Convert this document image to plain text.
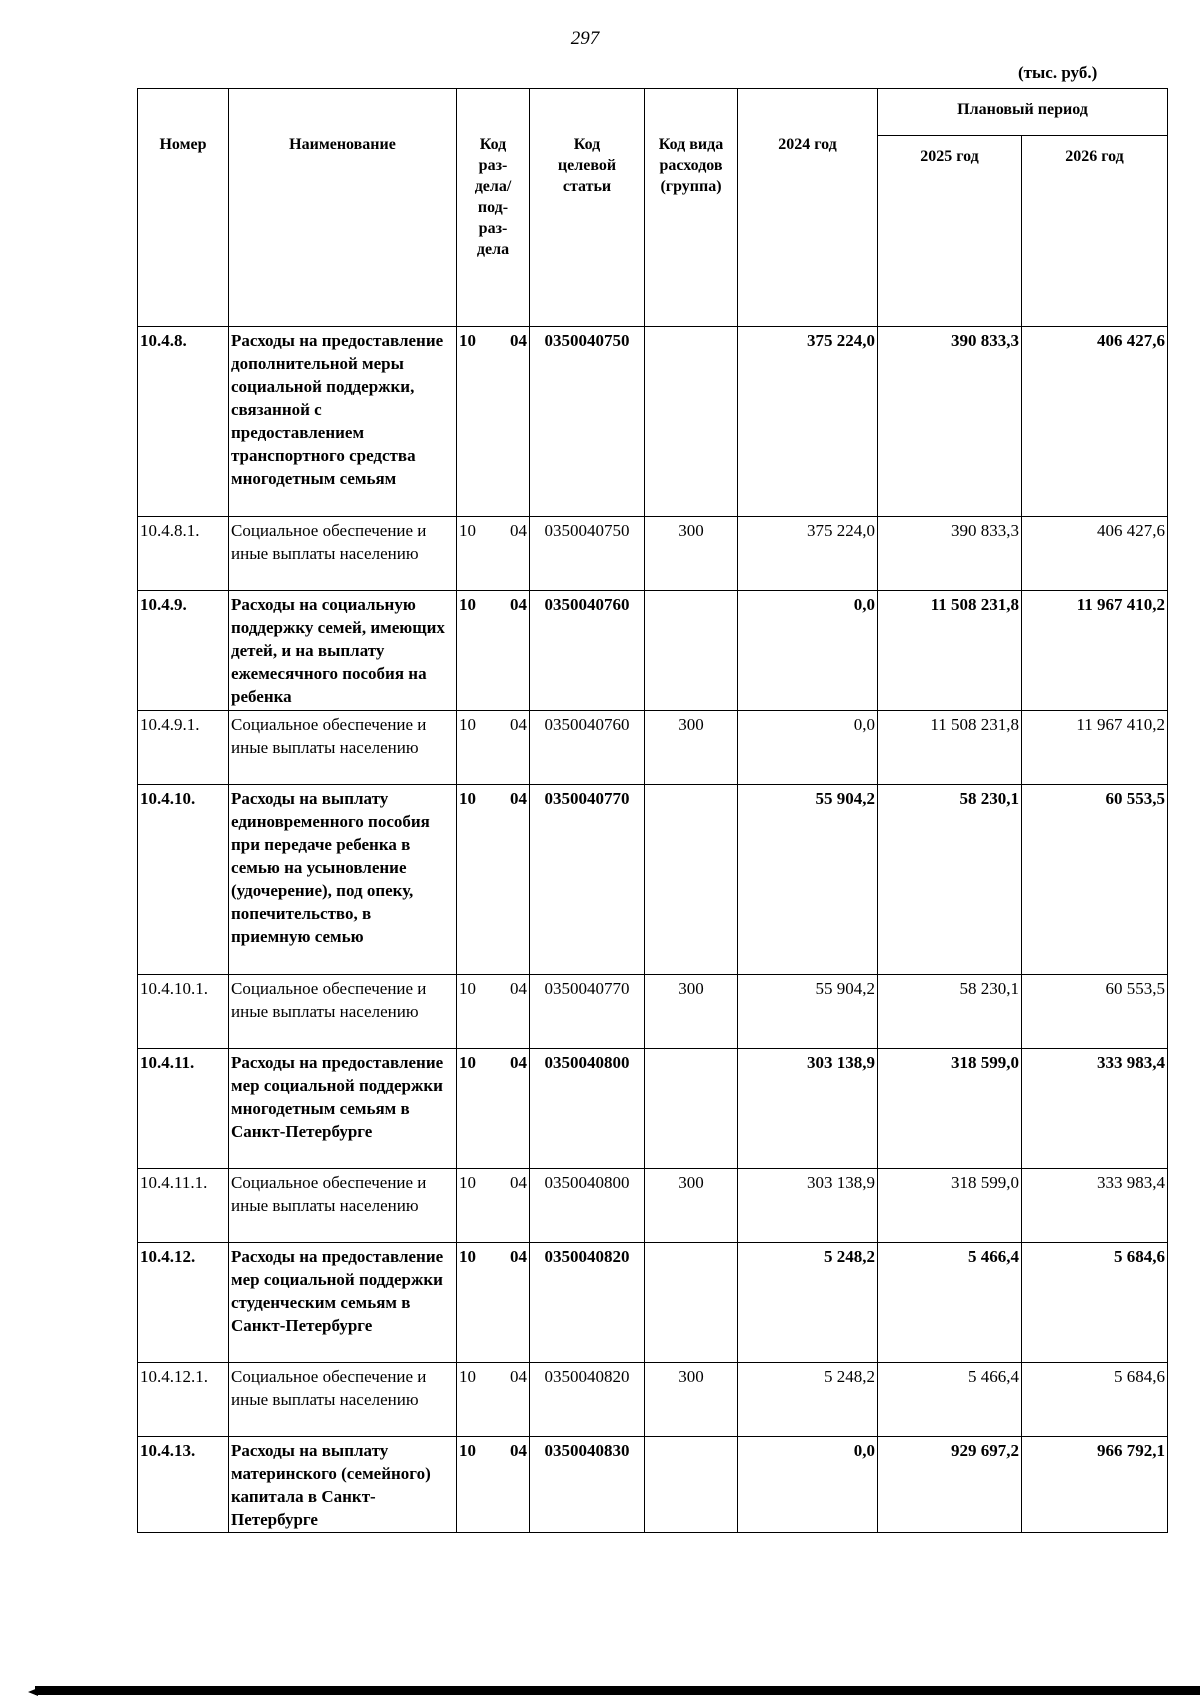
297
(тыс. руб.)
Номер	Наименование	Код раз-дела/ под-раз-дела	Код целевой статьи	Код вида расходов (группа)	2024 год	Плановый период	
						2025 год	2026 год
10.4.8.	Расходы на предоставление дополнительной меры социальной поддержки, связанной с предоставлением транспортного средства многодетным семьям	10 04	0350040750		375 224,0	390 833,3	406 427,6
10.4.8.1.	Социальное обеспечение и иные выплаты населению	10 04	0350040750	300	375 224,0	390 833,3	406 427,6
10.4.9.	Расходы на социальную поддержку семей, имеющих детей, и на выплату ежемесячного пособия на ребенка	10 04	0350040760		0,0	11 508 231,8	11 967 410,2
10.4.9.1.	Социальное обеспечение и иные выплаты населению	10 04	0350040760	300	0,0	11 508 231,8	11 967 410,2
10.4.10.	Расходы на выплату единовременного пособия при передаче ребенка в семью на усыновление (удочерение), под опеку, попечительство, в приемную семью	10 04	0350040770		55 904,2	58 230,1	60 553,5
10.4.10.1.	Социальное обеспечение и иные выплаты населению	10 04	0350040770	300	55 904,2	58 230,1	60 553,5
10.4.11.	Расходы на предоставление мер социальной поддержки многодетным семьям в Санкт-Петербурге	10 04	0350040800		303 138,9	318 599,0	333 983,4
10.4.11.1.	Социальное обеспечение и иные выплаты населению	10 04	0350040800	300	303 138,9	318 599,0	333 983,4
10.4.12.	Расходы на предоставление мер социальной поддержки студенческим семьям в Санкт-Петербурге	10 04	0350040820		5 248,2	5 466,4	5 684,6
10.4.12.1.	Социальное обеспечение и иные выплаты населению	10 04	0350040820	300	5 248,2	5 466,4	5 684,6
10.4.13.	Расходы на выплату материнского (семейного) капитала в Санкт-Петербурге	10 04	0350040830		0,0	929 697,2	966 792,1
